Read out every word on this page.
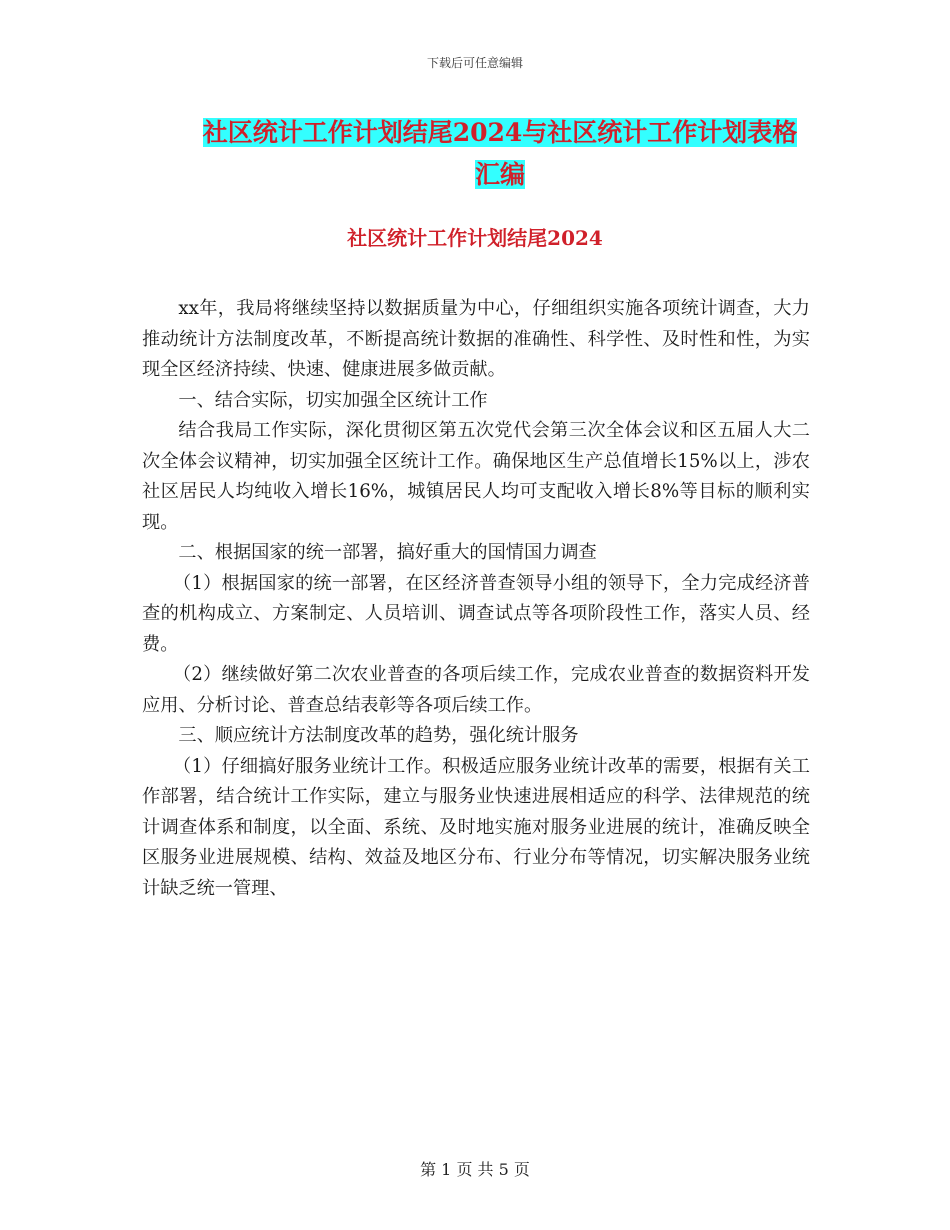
下载后可任意编辑
社区统计工作计划结尾2024与社区统计工作计划表格
汇编
社区统计工作计划结尾2024

xx年，我局将继续坚持以数据质量为中心，仔细组织实施各项统计调查，大力推动统计方法制度改革，不断提高统计数据的准确性、科学性、及时性和性，为实现全区经济持续、快速、健康进展多做贡献。

一、结合实际，切实加强全区统计工作

结合我局工作实际，深化贯彻区第五次党代会第三次全体会议和区五届人大二次全体会议精神，切实加强全区统计工作。确保地区生产总值增长15%以上，涉农社区居民人均纯收入增长16%，城镇居民人均可支配收入增长8%等目标的顺利实现。

二、根据国家的统一部署，搞好重大的国情国力调查

（1）根据国家的统一部署，在区经济普查领导小组的领导下，全力完成经济普查的机构成立、方案制定、人员培训、调查试点等各项阶段性工作，落实人员、经费。

（2）继续做好第二次农业普查的各项后续工作，完成农业普查的数据资料开发应用、分析讨论、普查总结表彰等各项后续工作。

三、顺应统计方法制度改革的趋势，强化统计服务

（1）仔细搞好服务业统计工作。积极适应服务业统计改革的需要，根据有关工作部署，结合统计工作实际，建立与服务业快速进展相适应的科学、法律规范的统计调查体系和制度，以全面、系统、及时地实施对服务业进展的统计，准确反映全区服务业进展规模、结构、效益及地区分布、行业分布等情况，切实解决服务业统计缺乏统一管理、

第 1 页 共 5 页
